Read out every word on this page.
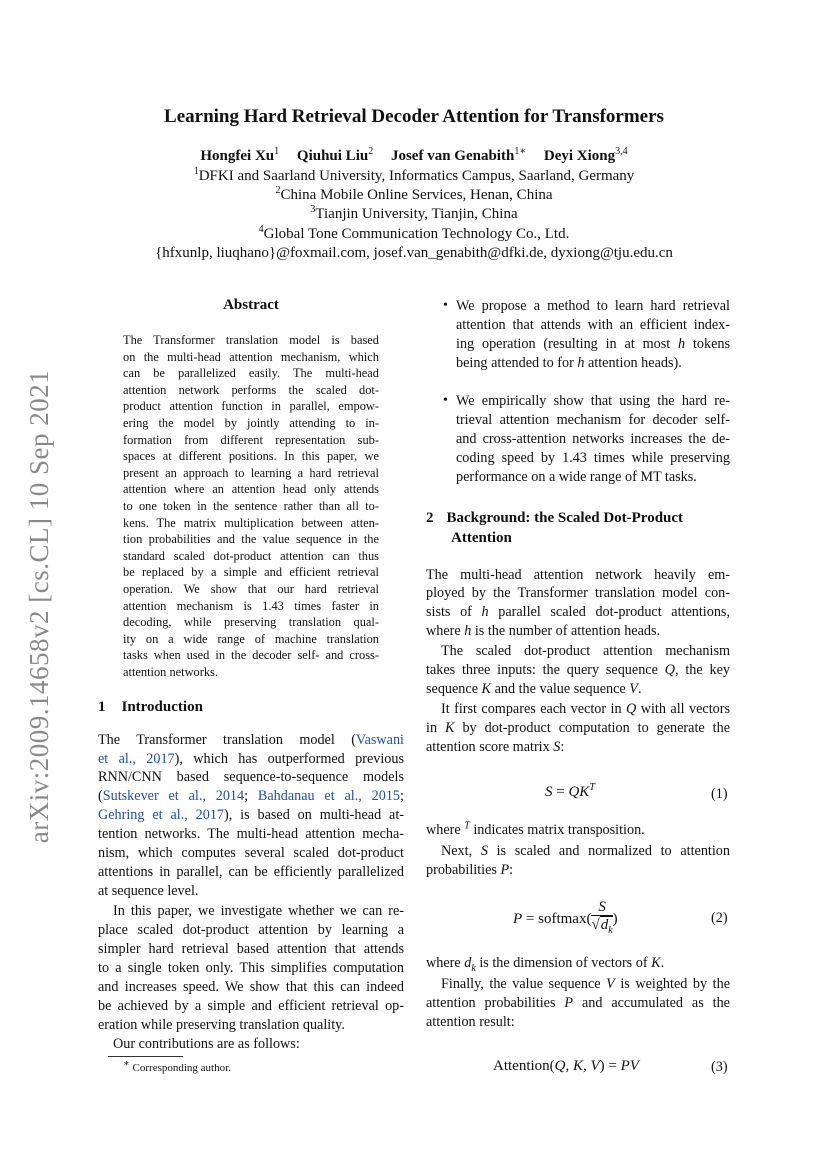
arXiv:2009.14658v2 [cs.CL] 10 Sep 2021
Learning Hard Retrieval Decoder Attention for Transformers
Hongfei Xu$^1$ Qiuhui Liu$^2$ Josef van Genabith$^{1∗}$ Deyi Xiong$^{3,4}$
$^1$DFKI and Saarland University, Informatics Campus, Saarland, Germany
$^2$China Mobile Online Services, Henan, China
$^3$Tianjin University, Tianjin, China
$^4$Global Tone Communication Technology Co., Ltd.
{hfxunlp, liuqhano}@foxmail.com, josef.van_genabith@dfki.de, dyxiong@tju.edu.cn
Abstract
The Transformer translation model is based
on the multi-head attention mechanism, which
can be parallelized easily. The multi-head
attention network performs the scaled dot-
product attention function in parallel, empow-
ering the model by jointly attending to in-
formation from different representation sub-
spaces at different positions. In this paper, we
present an approach to learning a hard retrieval
attention where an attention head only attends
to one token in the sentence rather than all to-
kens. The matrix multiplication between atten-
tion probabilities and the value sequence in the
standard scaled dot-product attention can thus
be replaced by a simple and efficient retrieval
operation. We show that our hard retrieval
attention mechanism is 1.43 times faster in
decoding, while preserving translation qual-
ity on a wide range of machine translation
tasks when used in the decoder self- and cross-
attention networks.
1 Introduction
The Transformer translation model (Vaswani
et al., 2017), which has outperformed previous
RNN/CNN based sequence-to-sequence models
(Sutskever et al., 2014; Bahdanau et al., 2015;
Gehring et al., 2017), is based on multi-head at-
tention networks. The multi-head attention mecha-
nism, which computes several scaled dot-product
attentions in parallel, can be efficiently parallelized
at sequence level.
In this paper, we investigate whether we can re-
place scaled dot-product attention by learning a
simpler hard retrieval based attention that attends
to a single token only. This simplifies computation
and increases speed. We show that this can indeed
be achieved by a simple and efficient retrieval op-
eration while preserving translation quality.
Our contributions are as follows:
∗ Corresponding author.
• We propose a method to learn hard retrieval
attention that attends with an efficient index-
ing operation (resulting in at most h tokens
being attended to for h attention heads).
• We empirically show that using the hard re-
trieval attention mechanism for decoder self-
and cross-attention networks increases the de-
coding speed by 1.43 times while preserving
performance on a wide range of MT tasks.
2 Background: the Scaled Dot-Product
Attention
The multi-head attention network heavily em-
ployed by the Transformer translation model con-
sists of h parallel scaled dot-product attentions,
where h is the number of attention heads.
The scaled dot-product attention mechanism
takes three inputs: the query sequence Q, the key
sequence K and the value sequence V.
It first compares each vector in Q with all vectors
in K by dot-product computation to generate the
attention score matrix S:
$S = QK^T$	(1)
where $^T$ indicates matrix transposition.
Next, S is scaled and normalized to attention
probabilities P:
P = softmax( $\frac{S}{√d_k}$ )	(2)
where $d_k$ is the dimension of vectors of K.
Finally, the value sequence V is weighted by the
attention probabilities P and accumulated as the
attention result:
Attention(Q, K, V) = PV	(3)
